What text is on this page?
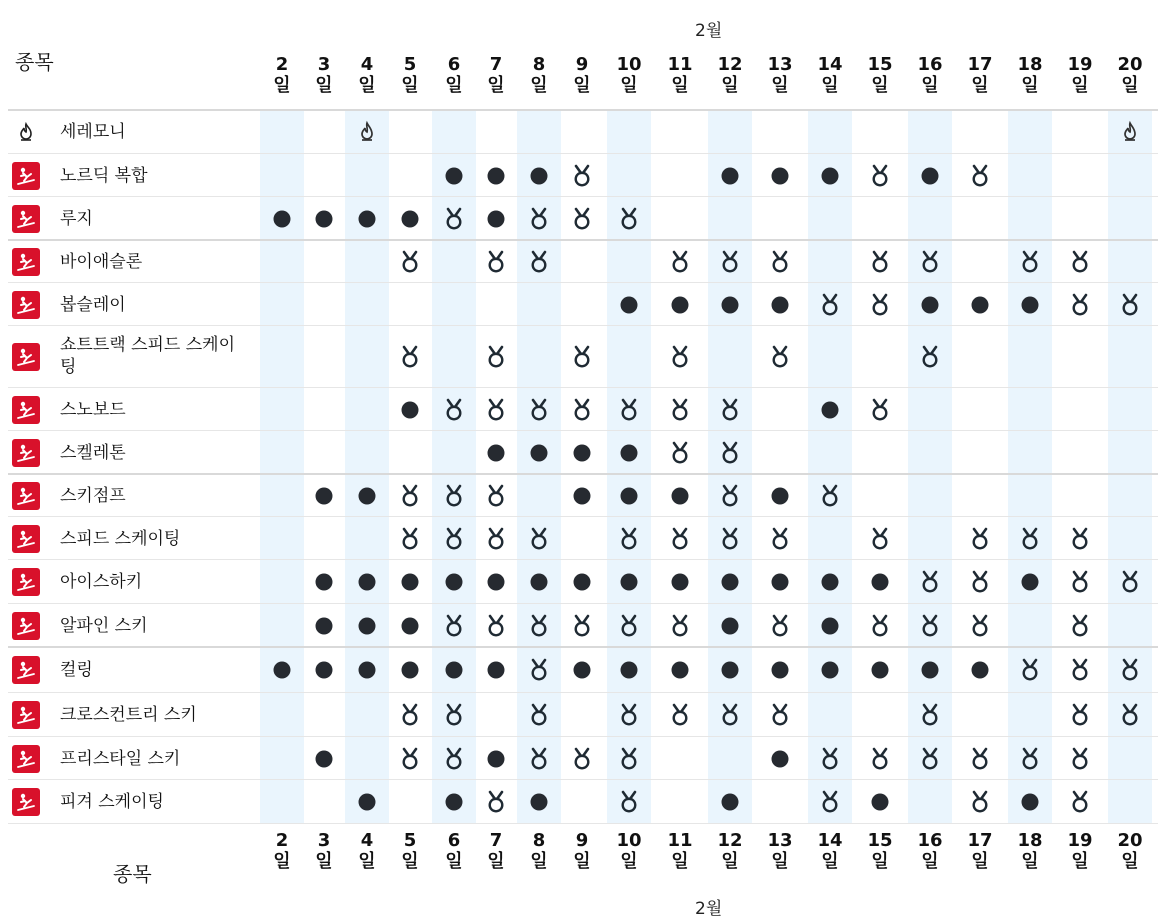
2월
종목	2
일
3
일
4
일
5
일
6
일
7
일
8
일
9
일
10
일
11
일
12
일
13
일
14
일
15
일
16
일
17
일
18
일
19
일
20
일
2월
종목
2
일
3
일
4
일
5
일
6
일
7
일
8
일
9
일
10
일
11
일
12
일
13
일
14
일
15
일
16
일
17
일
18
일
19
일
20
일
세레모니
노르딕 복합
루지
바이애슬론
봅슬레이
쇼트트랙 스피드 스케이팅
스노보드
스켈레톤
스키점프
스피드 스케이팅
아이스하키
알파인 스키
컬링
크로스컨트리 스키
프리스타일 스키
피겨 스케이팅
